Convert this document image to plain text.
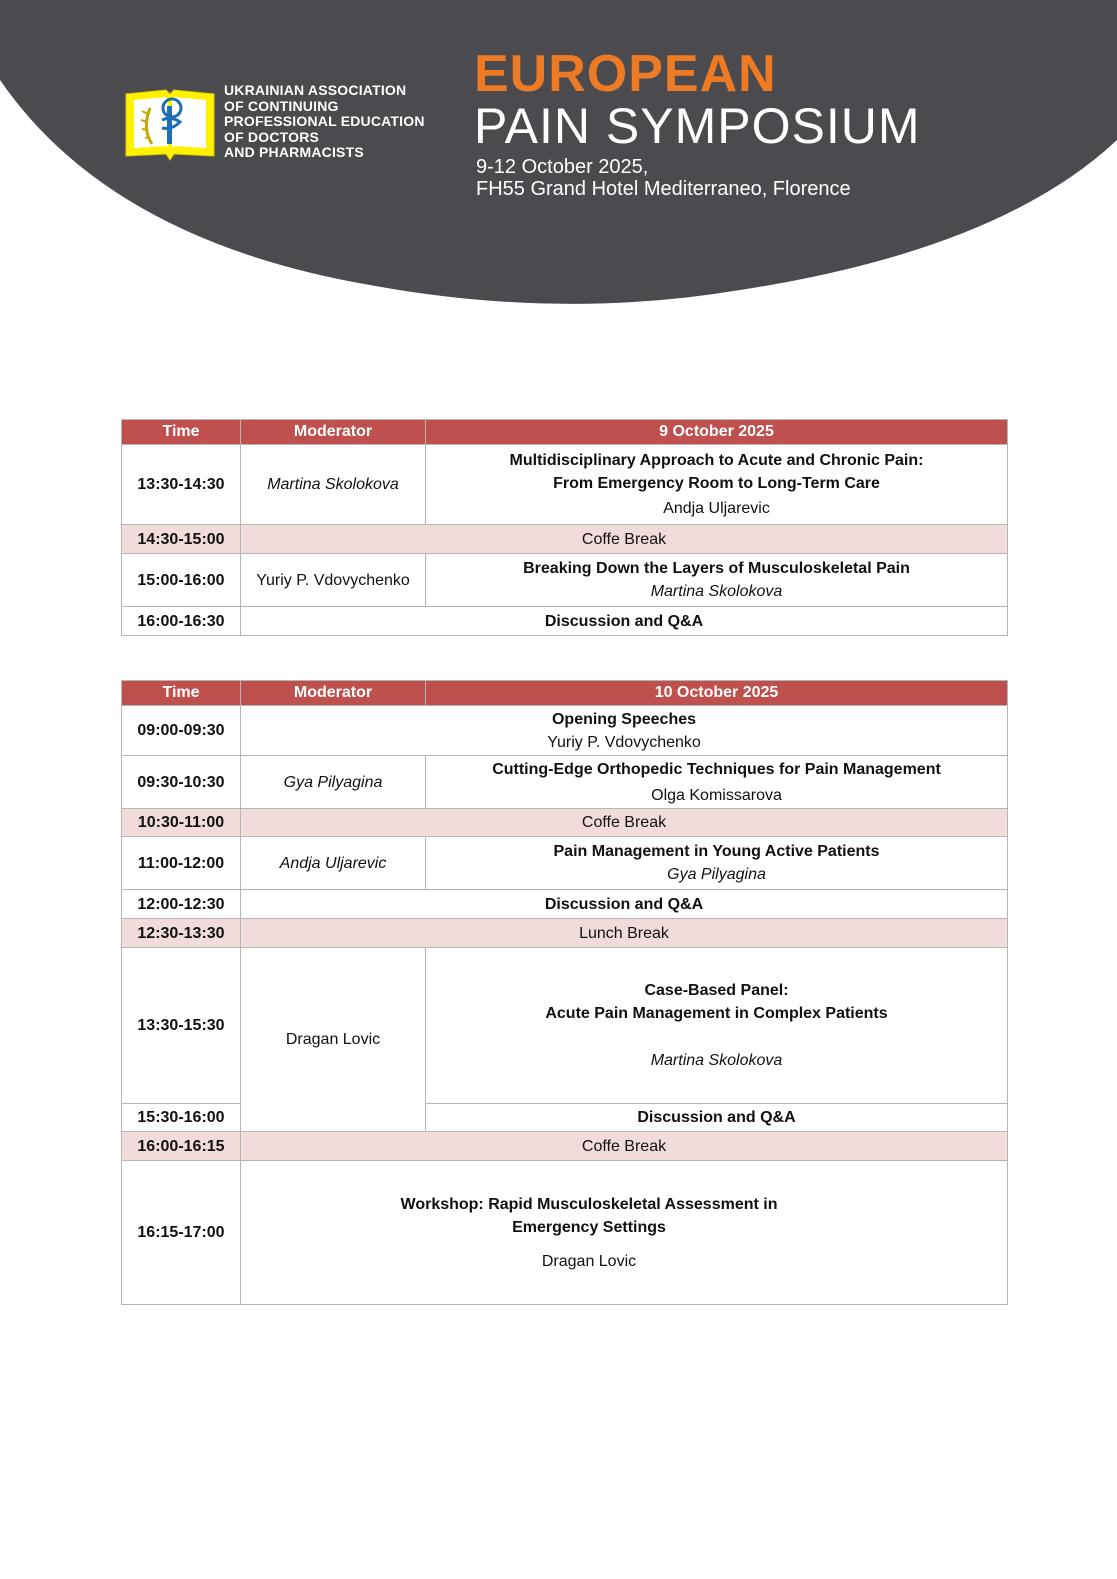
UKRAINIAN ASSOCIATION
OF CONTINUING
PROFESSIONAL EDUCATION
OF DOCTORS
AND PHARMACISTS
EUROPEAN
PAIN SYMPOSIUM
9-12 October 2025,
FH55 Grand Hotel Mediterraneo, Florence
Time	Moderator	9 October 2025
13:30-14:30	Martina Skolokova	Multidisciplinary Approach to Acute and Chronic Pain:
From Emergency Room to Long-Term Care
Andja Uljarevic

14:30-15:00	Coffe Break	
15:00-16:00	Yuriy P. Vdovychenko	Breaking Down the Layers of Musculoskeletal Pain
Martina Skolokova

16:00-16:30	Discussion and Q&A	
Time	Moderator	10 October 2025
09:00-09:30	Opening Speeches
Yuriy P. Vdovychenko	

09:30-10:30	Gya Pilyagina	Cutting-Edge Orthopedic Techniques for Pain Management
Olga Komissarova

10:30-11:00	Coffe Break	
11:00-12:00	Andja Uljarevic	Pain Management in Young Active Patients
Gya Pilyagina

12:00-12:30	Discussion and Q&A	
12:30-13:30	Lunch Break	
13:30-15:30	Dragan Lovic	Case-Based Panel:
Acute Pain Management in Complex Patients
Martina Skolokova

15:30-16:00		Discussion and Q&A
16:00-16:15	Coffe Break	
16:15-17:00	Workshop: Rapid Musculoskeletal Assessment in
Emergency Settings
Dragan Lovic	
